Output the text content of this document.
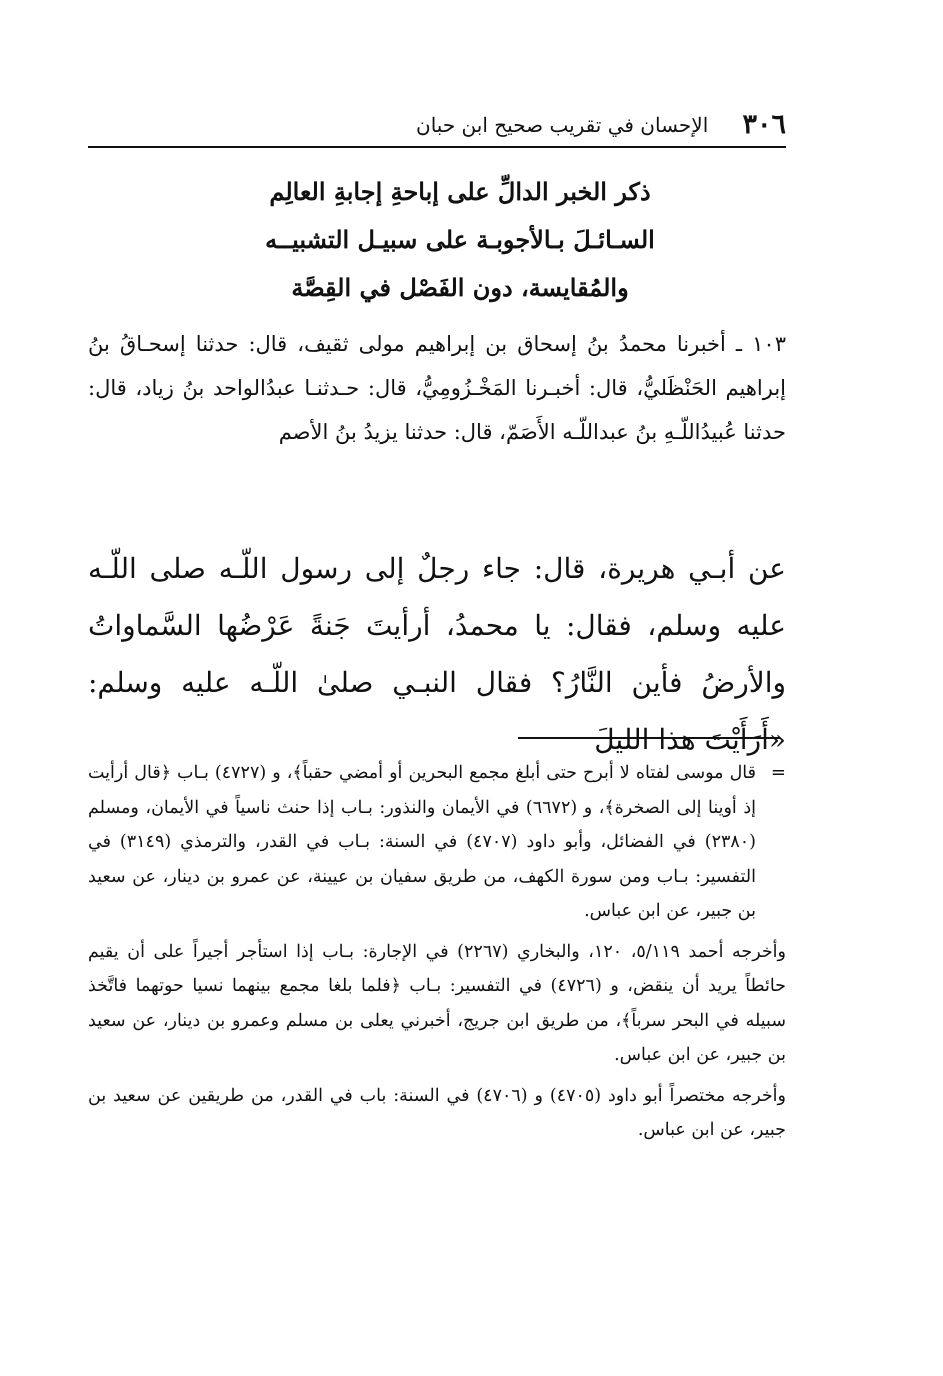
٣٠٦
الإحسان في تقريب صحيح ابن حبان
ذكر الخبر الدالِّ على إباحةِ إجابةِ العالِم
السـائـلَ بـالأجوبـة على سبيـل التشبيــه
والمُقايسة، دون الفَصْل في القِصَّة
١٠٣ ـ أخبرنا محمدُ بنُ إسحاق بن إبراهيم مولى ثقيف، قال: حدثنا إسحـاقُ بنُ إبراهيم الحَنْظَليُّ، قال: أخبـرنا المَخْـزُومِيُّ، قال: حـدثنـا عبدُالواحد بنُ زياد، قال: حدثنا عُبيدُاللّـهِ بنُ عبداللّـه الأَصَمّ، قال: حدثنا يزيدُ بنُ الأصم
عن أبـي هريرة، قال: جاء رجلٌ إلى رسول اللّـه صلى اللّـه عليه وسلم، فقال: يا محمدُ، أرأيتَ جَنةً عَرْضُها السَّماواتُ والأرضُ فأين النَّارُ؟ فقال النبـي صلىٰ اللّـه عليه وسلم: «أَرَأَيْتَ هذا الليلَ
=
قال موسى لفتاه لا أبرح حتى أبلغ مجمع البحرين أو أمضي حقباً﴾، و (٤٧٢٧) بـاب ﴿قال أرأيت إذ أوينا إلى الصخرة﴾، و (٦٦٧٢) في الأيمان والنذور: بـاب إذا حنث ناسياً في الأيمان، ومسلم (٢٣٨٠) في الفضائل، وأبو داود (٤٧٠٧) في السنة: بـاب في القدر، والترمذي (٣١٤٩) في التفسير: بـاب ومن سورة الكهف، من طريق سفيان بن عيينة، عن عمرو بن دينار، عن سعيد بن جبير، عن ابن عباس.
وأخرجه أحمد ٥/١١٩، ١٢٠، والبخاري (٢٢٦٧) في الإجارة: بـاب إذا استأجر أجيراً على أن يقيم حائطاً يريد أن ينقض، و (٤٧٢٦) في التفسير: بـاب ﴿فلما بلغا مجمع بينهما نسيا حوتهما فاتَّخذ سبيله في البحر سرباً﴾، من طريق ابن جريج، أخبرني يعلى بن مسلم وعمرو بن دينار، عن سعيد بن جبير، عن ابن عباس.
وأخرجه مختصراً أبو داود (٤٧٠٥) و (٤٧٠٦) في السنة: باب في القدر، من طريقين عن سعيد بن جبير، عن ابن عباس.
